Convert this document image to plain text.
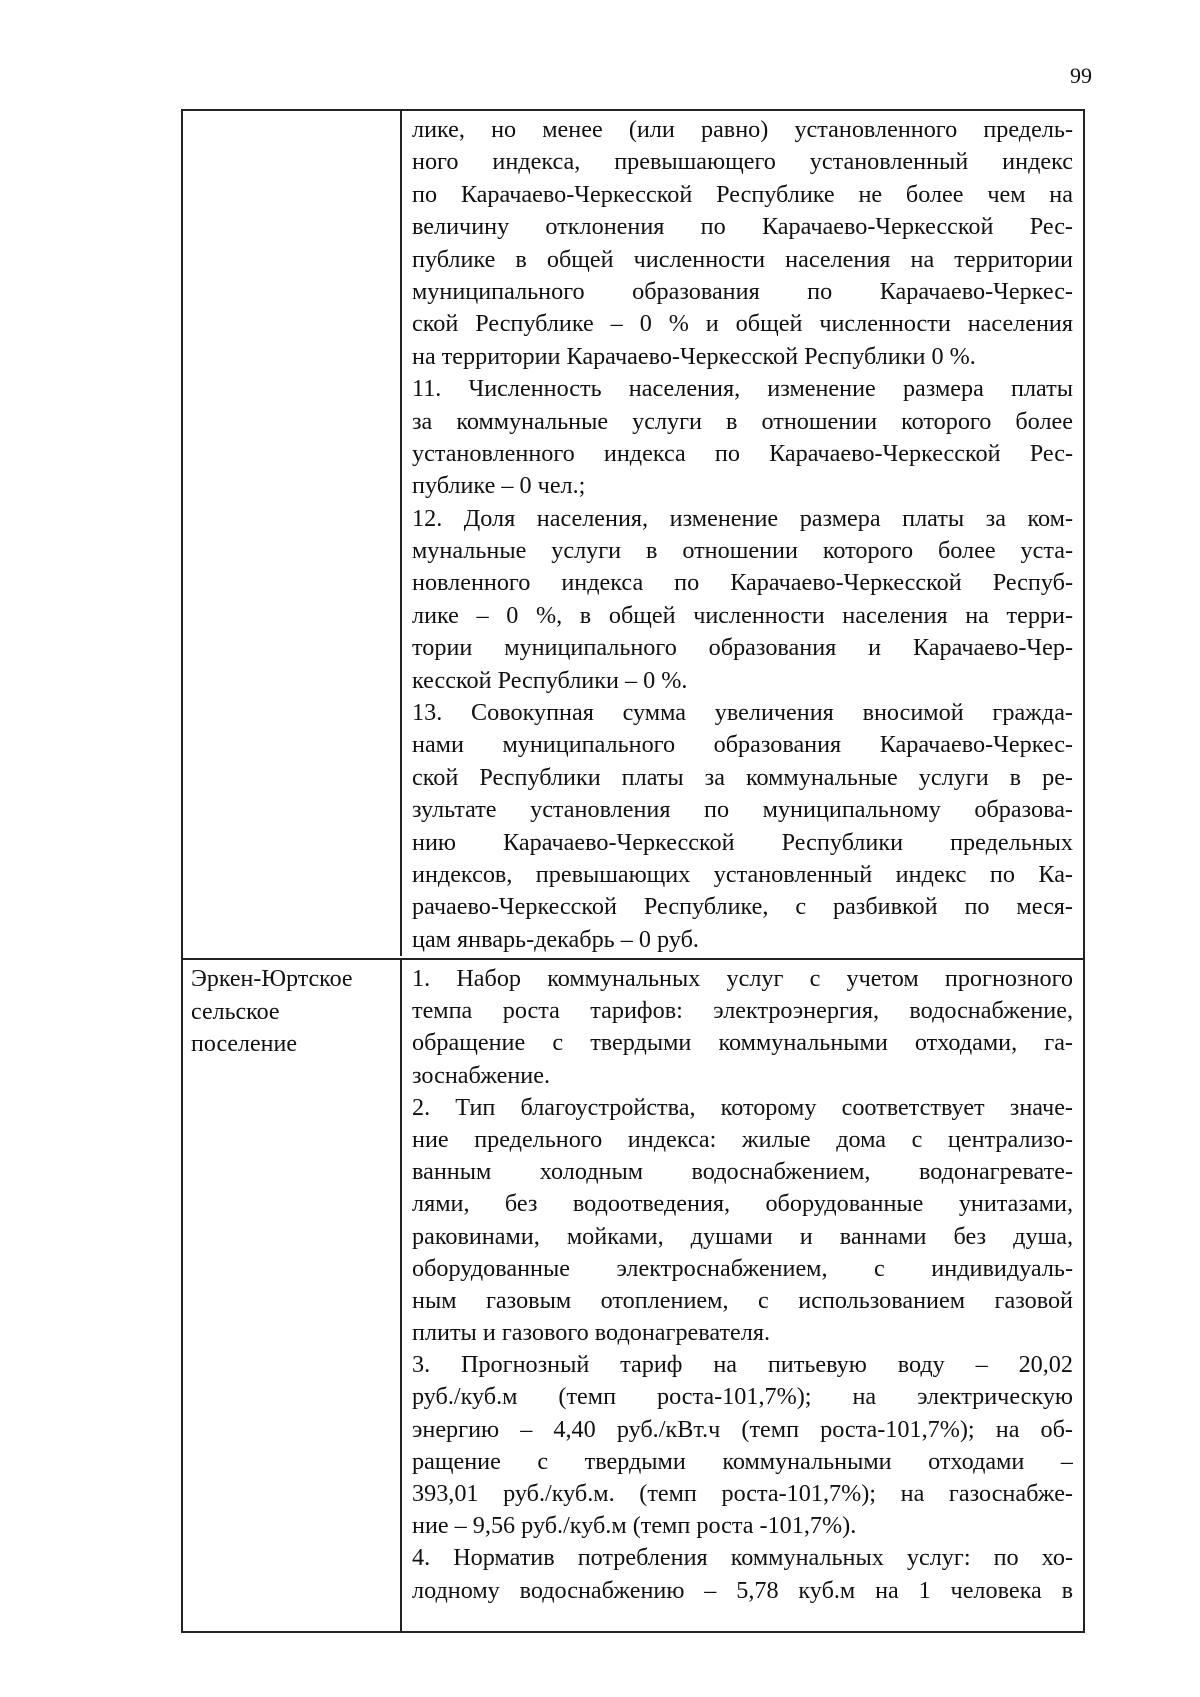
99
лике, но менее (или равно) установленного предель-
ного индекса, превышающего установленный индекс
по Карачаево-Черкесской Республике не более чем на
величину отклонения по Карачаево-Черкесской Рес-
публике в общей численности населения на территории
муниципального образования по Карачаево-Черкес-
ской Республике – 0 % и общей численности населения
на территории Карачаево-Черкесской Республики 0 %.
11. Численность населения, изменение размера платы
за коммунальные услуги в отношении которого более
установленного индекса по Карачаево-Черкесской Рес-
публике – 0 чел.;
12. Доля населения, изменение размера платы за ком-
мунальные услуги в отношении которого более уста-
новленного индекса по Карачаево-Черкесской Респуб-
лике – 0 %, в общей численности населения на терри-
тории муниципального образования и Карачаево-Чер-
кесской Республики – 0 %.
13. Совокупная сумма увеличения вносимой гражда-
нами муниципального образования Карачаево-Черкес-
ской Республики платы за коммунальные услуги в ре-
зультате установления по муниципальному образова-
нию Карачаево-Черкесской Республики предельных
индексов, превышающих установленный индекс по Ка-
рачаево-Черкесской Республике, с разбивкой по меся-
цам январь-декабрь – 0 руб.
Эркен-Юртское
сельское
поселение
1. Набор коммунальных услуг с учетом прогнозного
темпа роста тарифов: электроэнергия, водоснабжение,
обращение с твердыми коммунальными отходами, га-
зоснабжение.
2. Тип благоустройства, которому соответствует значе-
ние предельного индекса: жилые дома с централизо-
ванным холодным водоснабжением, водонагревате-
лями, без водоотведения, оборудованные унитазами,
раковинами, мойками, душами и ваннами без душа,
оборудованные электроснабжением, с индивидуаль-
ным газовым отоплением, с использованием газовой
плиты и газового водонагревателя.
3. Прогнозный тариф на питьевую воду – 20,02
руб./куб.м (темп роста-101,7%); на электрическую
энергию – 4,40 руб./кВт.ч (темп роста-101,7%); на об-
ращение с твердыми коммунальными отходами –
393,01 руб./куб.м. (темп роста-101,7%); на газоснабже-
ние – 9,56 руб./куб.м (темп роста -101,7%).
4. Норматив потребления коммунальных услуг: по хо-
лодному водоснабжению – 5,78 куб.м на 1 человека в
